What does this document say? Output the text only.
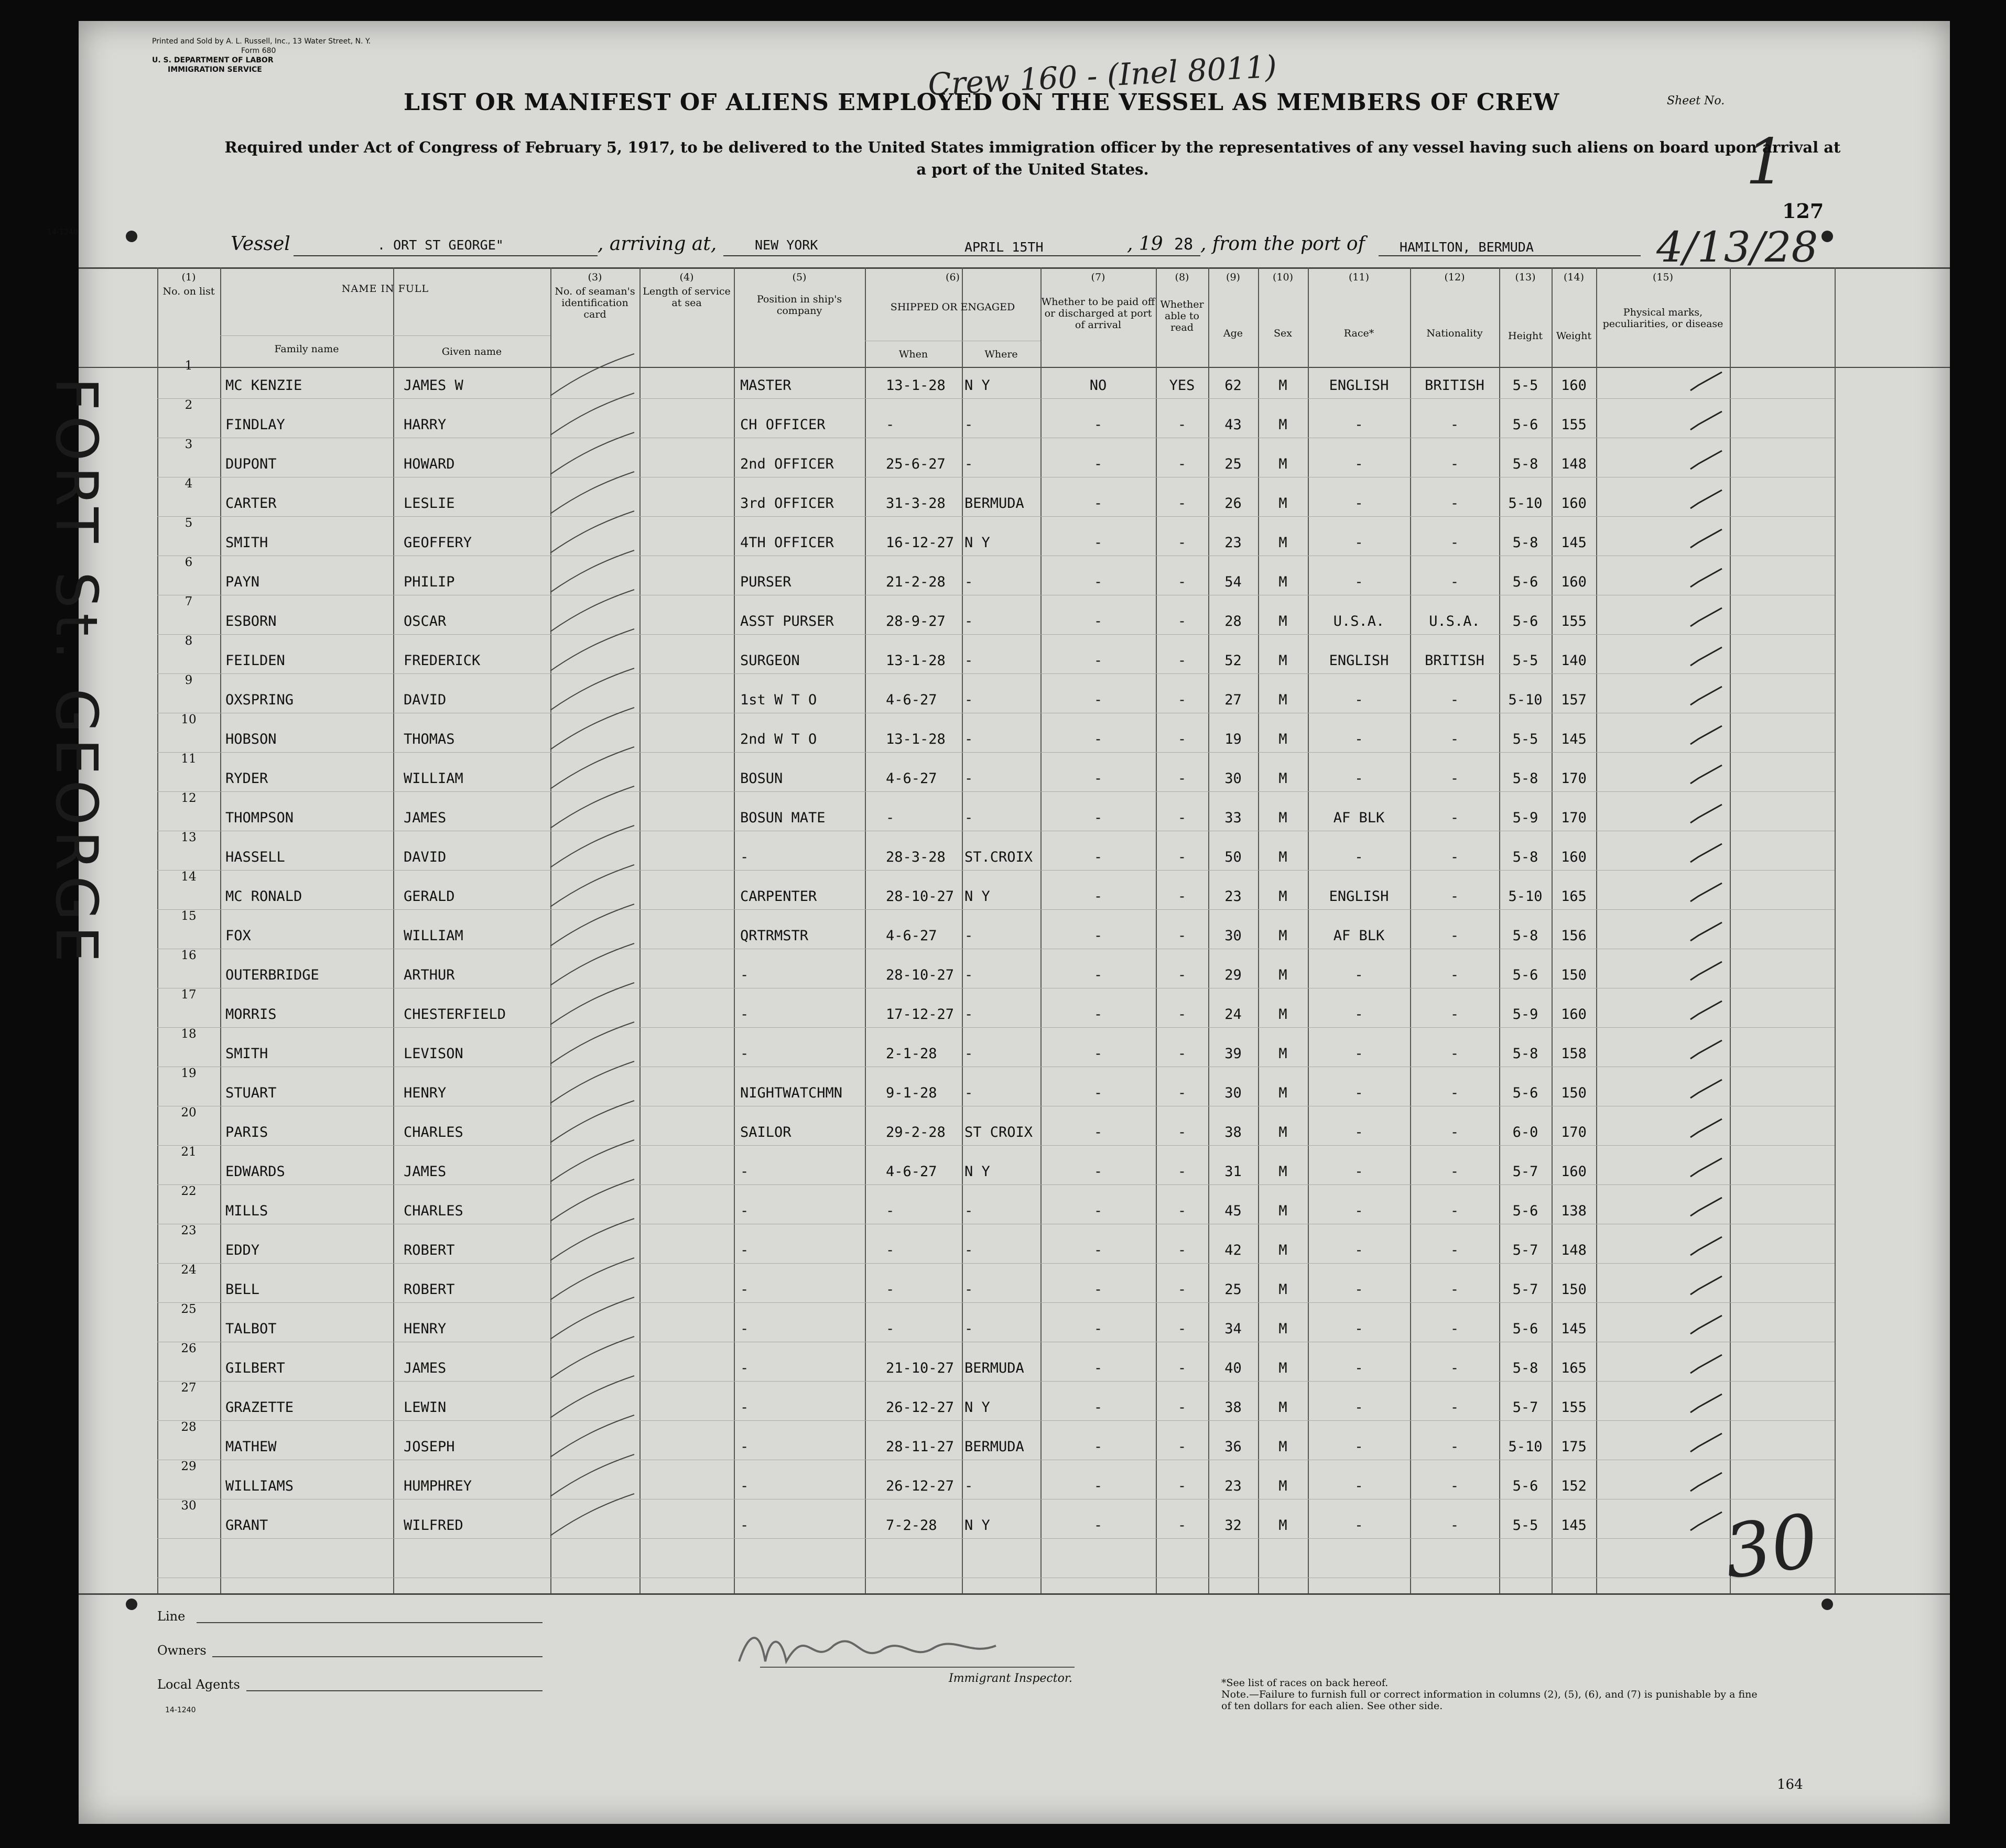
Printed and Sold by A. L. Russell, Inc., 13 Water Street, N. Y.
Form 680
U. S. DEPARTMENT OF LABOR
IMMIGRATION SERVICE	Crew 160 - (Inel 8011)	Sheet No.
1
127
LIST OR MANIFEST OF ALIENS EMPLOYED ON THE VESSEL AS MEMBERS OF CREW
Required under Act of Congress of February 5, 1917, to be delivered to the United States immigration officer by the representatives of any vessel having such aliens on board upon arrival at a port of the United States.
Vessel	. ORT ST GEORGE"	, arriving at,	NEW YORK	APRIL 15TH	, 19 28 , from the port of	HAMILTON, BERMUDA	4/13/28
14-1240
(1)
No. on list	NAME IN FULL
Family name	Given name
(3)
No. of seaman's identification card
(4)
Length of service at sea
(5)
Position in ship's company
(6)
SHIPPED OR ENGAGED
When	Where
(7)
Whether to be paid off or discharged at port of arrival
(8)
Whether able to read
(9)
Age
(10)
Sex
(11)
Race*
(12)
Nationality
(13)
Height
(14)
Weight
(15)
Physical marks, peculiarities, or disease
1
MC KENZIE	JAMES W	MASTER	13-1-28 N Y	NO	YES	62	M	ENGLISH	BRITISH	5-5	160
2
FINDLAY	HARRY	CH OFFICER	-	-	-	-	43	M	-	-	5-6	155
3
DUPONT	HOWARD	2nd OFFICER	25-6-27 -	-	-	25	M	-	-	5-8	148
4
CARTER	LESLIE	3rd OFFICER	31-3-28 BERMUDA	-	-	26	M	-	-	5-10	160
5
SMITH	GEOFFERY	4TH OFFICER	16-12-27 N Y	-	-	23	M	-	-	5-8	145
6
PAYN	PHILIP	PURSER	21-2-28 -	-	-	54	M	-	-	5-6	160
7
ESBORN	OSCAR	ASST PURSER	28-9-27 -	-	-	28	M	U.S.A.	U.S.A.	5-6	155
8
FEILDEN	FREDERICK	SURGEON	13-1-28 -	-	-	52	M	ENGLISH	BRITISH	5-5	140
9
OXSPRING	DAVID	1st W T O	4-6-27 -	-	-	27	M	-	-	5-10	157
10
HOBSON	THOMAS	2nd W T O	13-1-28 -	-	-	19	M	-	-	5-5	145
11
RYDER	WILLIAM	BOSUN	4-6-27 -	-	-	30	M	-	-	5-8	170
12
THOMPSON	JAMES	BOSUN MATE	-	-	-	-	33	M	AF BLK	-	5-9	170
13
HASSELL	DAVID	-	28-3-28 ST.CROIX	-	-	50	M	-	-	5-8	160
14
MC RONALD	GERALD	CARPENTER	28-10-27 N Y	-	-	23	M	ENGLISH	-	5-10	165
15
FOX	WILLIAM	QRTRMSTR	4-6-27 -	-	-	30	M	AF BLK	-	5-8	156
16
OUTERBRIDGE	ARTHUR	-	28-10-27 -	-	-	29	M	-	-	5-6	150
17
MORRIS	CHESTERFIELD	-	17-12-27 -	-	-	24	M	-	-	5-9	160
18
SMITH	LEVISON	-	2-1-28 -	-	-	39	M	-	-	5-8	158
19
STUART	HENRY	NIGHTWATCHMN	9-1-28 -	-	-	30	M	-	-	5-6	150
20
PARIS	CHARLES	SAILOR	29-2-28 ST CROIX	-	-	38	M	-	-	6-0	170
21
EDWARDS	JAMES	-	4-6-27 N Y	-	-	31	M	-	-	5-7	160
22
MILLS	CHARLES	-	-	-	-	-	45	M	-	-	5-6	138
23
EDDY	ROBERT	-	-	-	-	-	42	M	-	-	5-7	148
24
BELL	ROBERT	-	-	-	-	-	25	M	-	-	5-7	150
25
TALBOT	HENRY	-	-	-	-	-	34	M	-	-	5-6	145
26
GILBERT	JAMES	-	21-10-27 BERMUDA	-	-	40	M	-	-	5-8	165
27
GRAZETTE	LEWIN	-	26-12-27 N Y	-	-	38	M	-	-	5-7	155
28
MATHEW	JOSEPH	-	28-11-27 BERMUDA	-	-	36	M	-	-	5-10	175
29
WILLIAMS	HUMPHREY	-	26-12-27 -	-	-	23	M	-	-	5-6	152
30
GRANT	WILFRED	-	7-2-28 N Y	-	-	32	M	-	-	5-5	145 30
Line
Owners
Local Agents
14-1240
Immigrant Inspector.	*See list of races on back hereof.
Note.—Failure to furnish full or correct information in columns (2), (5), (6), and (7) is punishable by a fine of ten dollars for each alien. See other side.
FORT St. GEORGE
164
